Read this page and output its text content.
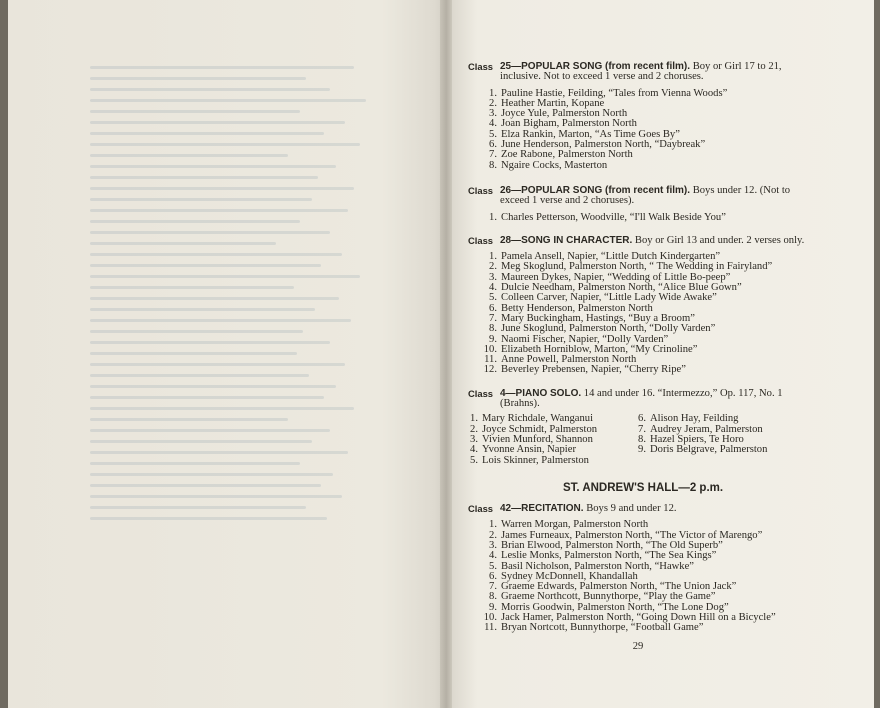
Class 25—POPULAR SONG (from recent film). Boy or Girl 17 to 21, inclusive. Not to exceed 1 verse and 2 choruses.
1. Pauline Hastie, Feilding, “Tales from Vienna Woods”
2. Heather Martin, Kopane
3. Joyce Yule, Palmerston North
4. Joan Bigham, Palmerston North
5. Elza Rankin, Marton, “As Time Goes By”
6. June Henderson, Palmerston North, “Daybreak”
7. Zoe Rabone, Palmerston North
8. Ngaire Cocks, Masterton
Class 26—POPULAR SONG (from recent film). Boys under 12. (Not to exceed 1 verse and 2 choruses).
1. Charles Petterson, Woodville, “I'll Walk Beside You”
Class 28—SONG IN CHARACTER. Boy or Girl 13 and under. 2 verses only.
1. Pamela Ansell, Napier, “Little Dutch Kindergarten”
2. Meg Skoglund, Palmerston North, “ The Wedding in Fairyland”
3. Maureen Dykes, Napier, “Wedding of Little Bo-peep”
4. Dulcie Needham, Palmerston North, “Alice Blue Gown”
5. Colleen Carver, Napier, “Little Lady Wide Awake”
6. Betty Henderson, Palmerston North
7. Mary Buckingham, Hastings, “Buy a Broom”
8. June Skoglund, Palmerston North, “Dolly Varden”
9. Naomi Fischer, Napier, “Dolly Varden”
10. Elizabeth Horniblow, Marton, “My Crinoline”
11. Anne Powell, Palmerston North
12. Beverley Prebensen, Napier, “Cherry Ripe”
Class 4—PIANO SOLO. 14 and under 16. “Intermezzo,” Op. 117, No. 1 (Brahns).
1. Mary Richdale, Wanganui
2. Joyce Schmidt, Palmerston
3. Vivien Munford, Shannon
4. Yvonne Ansin, Napier
5. Lois Skinner, Palmerston
6. Alison Hay, Feilding
7. Audrey Jeram, Palmerston
8. Hazel Spiers, Te Horo
9. Doris Belgrave, Palmerston
ST. ANDREW'S HALL—2 p.m.
Class 42—RECITATION. Boys 9 and under 12.
1. Warren Morgan, Palmerston North
2. James Furneaux, Palmerston North, “The Victor of Marengo”
3. Brian Elwood, Palmerston North, “The Old Superb”
4. Leslie Monks, Palmerston North, “The Sea Kings”
5. Basil Nicholson, Palmerston North, “Hawke”
6. Sydney McDonnell, Khandallah
7. Graeme Edwards, Palmerston North, “The Union Jack”
8. Graeme Northcott, Bunnythorpe, “Play the Game”
9. Morris Goodwin, Palmerston North, “The Lone Dog”
10. Jack Hamer, Palmerston North, “Going Down Hill on a Bicycle”
11. Bryan Nortcott, Bunnythorpe, “Football Game”
29
